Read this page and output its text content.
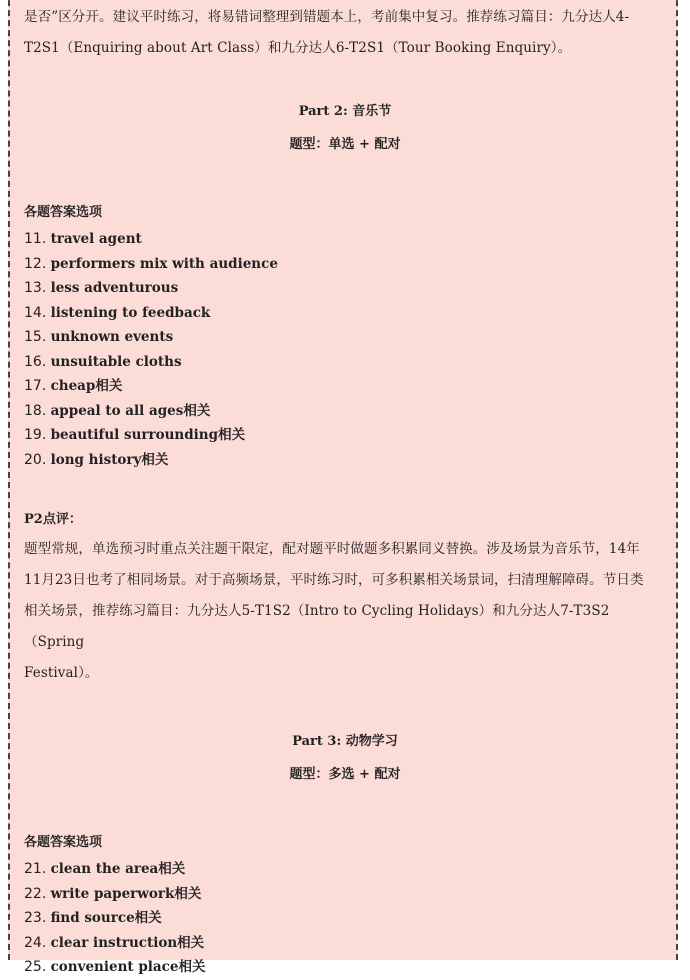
是否”区分开。建议平时练习，将易错词整理到错题本上，考前集中复习。推荐练习篇目：九分达人4-

T2S1（Enquiring about Art Class）和九分达人6-T2S1（Tour Booking Enquiry）。

Part 2: 音乐节

题型：单选 + 配对

各题答案选项

11. travel agent
12. performers mix with audience
13. less adventurous
14. listening to feedback
15. unknown events
16. unsuitable cloths
17. cheap相关
18. appeal to all ages相关
19. beautiful surrounding相关
20. long history相关

P2点评：

题型常规，单选预习时重点关注题干限定，配对题平时做题多积累同义替换。涉及场景为音乐节，14年

11月23日也考了相同场景。对于高频场景，平时练习时，可多积累相关场景词，扫清理解障碍。节日类

相关场景，推荐练习篇目：九分达人5-T1S2（Intro to Cycling Holidays）和九分达人7-T3S2（Spring

Festival）。

Part 3: 动物学习

题型：多选 + 配对

各题答案选项

21. clean the area相关
22. write paperwork相关
23. find source相关
24. clear instruction相关
25. convenient place相关
